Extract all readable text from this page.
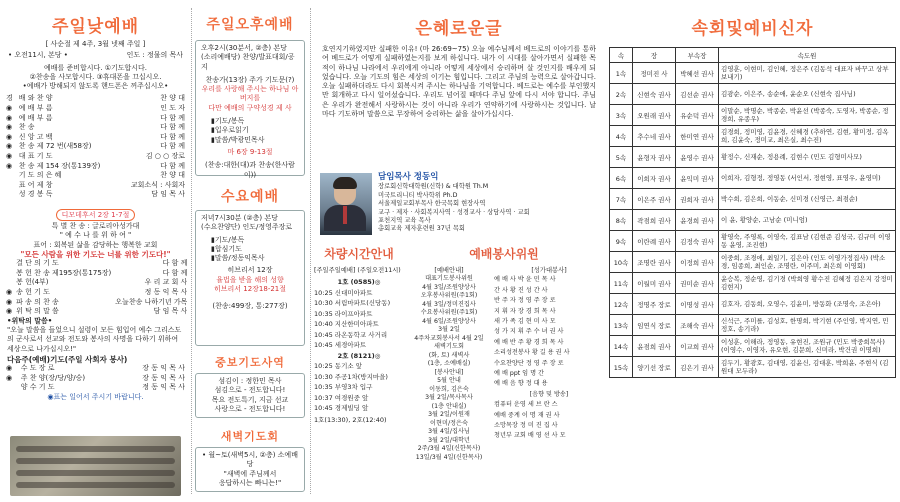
주일낮예배
[ 사순절 제 4주, 3월 넷째 주일 ]
• 오전11시, 본당 •	인도 : 정물의 목사
예배를 준비합시다. ①기도합시다.
②찬송을 사모합시다. ③휴대폰을 끄십시오.
•예배가 방해되지 않도록 핸드폰은 꺼주십시오•
경	배 와 찬 양	찬 양 대
◉	예 배 부 름	인 도 자
◉	예 배 부 름	다 함 께
◉	찬 송	다 함 께
◉	신 앙 고 백	다 함 께
◉	찬 송 제 72 번(새58장)	다 함 께
◉	대 표 기 도	김 ○ ○ 장로
◉	찬 송 제 154 장(통139장)	다 함 께
	기 도 의 은 혜	찬 양 대
	표 어 제 창	교회소식 : 사회자
	성 경 봉 독	담 임 목 사
디모데후서 2장 1-7절
특 별 찬 송 : 글로리아성가대
" 예 수 나 를 위 하 여 "
표어 : 회복된 삶을 감당하는 행복한 교회
"모든 사람을 위한 기도는 너를 위한 기도다!"
	결 단 의 기 도	다 함 께
	봉 헌 찬 송 제195장(통175장)	다 함 께
	봉 헌(4부)	우 리 교 회 사
◉	송 헌 기 도	정 동 익 목 사
◉	파 송 의 찬 송	오늘찬송 나하기년 가목
◉	위 탁 의 말 씀	담 임 목 사
•위탁의 말씀•
"오늘 말씀을 들었으니 설령이 모든 힘입어 예수 그리스도의 군사로서 선교와 전도와 봉사의 사명을 다하기 위하여 세상으로 나가십시오!"
다음주(예배)기도(주일 사회자 봉사)
◉	수 도 장 로	장 동 익 목 사
◉	주 찬 양(장/당/양/승)	장 동 익 목 사
	양 수 기 도	정 동 익 목 사
◉표는 일어서 주시기 바랍니다.
주일오후예배
오후2시(30분서, ②층) 본당
(소리예배당) 찬양/발표대회/공지
찬송가(13장) 주가 기도문(?)
우리를 사랑해 주시는 하나님 아버지를
다만 예배의 구약성경 제 사
▮기도/봉독
▮입우로읽기
▮말씀/박광민목사
마 6장 9-13절
(찬송:대한(대)과 찬송(한사람이))
수요예배
저녁7시30분 (②층) 본당
(수요찬양단) 인도/정영주장로
▮기도/봉독
▮합심기도
▮말씀/정동익목사
히브리서 12장
율법을 받을 해의 성향
히브리서 12장18-21절
(찬송:499장, 통:277장)
중보기도사역
섬김이 : 정한민 목사
섬김으로 - 전도합니다!
목요 전도특기, 지금 선교
사랑으로 - 전도합니다!
새벽기도회
• 월~토(새벽5시, ②층) 소예배당
"새벽에 주님께서
응답하시는 빠니는!"
은혜로운글
호연지기하였지만 실패한 이유! (마 26:69~75) 오늘 예수님께서 베드로의 이야기를 통하여 베드로가 어떻게 실패하였는지를 보게 하십니다. 내가 이 시대를 살아가면서 실패한 목적이 하나님 나라에서 우리에게 아니라 어떻게 세상에서 승리하며 살 것인지를 배우게 되었습니다. 오늘 기도의 힘은 세상의 이기는 힘입니다. 그리고 주님의 능력으로 살아갑니다. 오늘 실패하더라도 다시 회복시켜 주시는 하나님을 기억합니다. 베드로는 예수를 부인했지만 회개하고 다시 일어섰습니다. 우리도 넘어질 때마다 주님 앞에 다시 서야 합니다. 주님은 우리가 완전해서 사랑하시는 것이 아니라 우리가 연약하기에 사랑하시는 것입니다. 날마다 기도하며 말씀으로 무장하여 승리하는 삶을 살아가십시다.
담임목사 정동익
장로회신학대학원(신학) & 대학원 Th.M
미국트리니티 박사학위 Ph.D
서울제일교회부목사 한국목회 현장사역
교구 · 제자 · 사회복지사역 · 성경교사 · 상담사역 · 교회
포천지역 교육 목사
총회교육 제자훈련원 37년 목회
차량시간안내
[주일주일예배] (주일오전11시)
1호 (0585)◎
10:25 신대미아파트
10:30 서림마파트(신당동)
10:35 라이프아파트
10:40 지산한미아파트
10:45 라온동학교 사거리
10:45 세경아파트
2호 (8121)◎
10:25 동기소 앞
10:30 주공1차(방지마을)
10:35 부영3차 입구
10:37 여경원중 앞
10:45 경제빌딩 앞
1호(13:30), 2호(12:40)
예배봉사위원
[예배안내]
대표기도봉사위원
4월 3일/조원양상사
오후봉사위원(주1회)
4월 3일/정미진집사
수요봉사위원(주1회)
4월 6일/조원양상사
3월 2일
4주차교회봉사서 4월 2일
새벽기도회
(화, 토) 새벽사
(1층, 소예배실)
[봉사안내]
5월 안내
이동희, 김은숙
3월 2일/목사목사
(1층 안내실)
3월 2일/이원재
이현미/정은숙
3월 4일/집사님
3월 2일/대학년
2주/3월 4일(신한목사)
13일/3월 4일(신한목사)
[성가대봉사]
예 배 사 박 윤 민 목 사
간 사 황 진 성 간 사
반 주 자 정 영 주 장 로
지 휘 자 장 경 희 목 사
새 가 족 김 현 미 사 모
성 가 지 휘 주 수 녀 권 사
예 배 반 주 황 경 희 목 사
소리성전봉사 황 길 용 권 사
수요찬양단 정 영 주 장 로
예 배 ppt 임 명 간
예 배 음 향 정 대 용
[음향 및 방송]
컴퓨터 운영 세 브 란 스
예배 중계 이 명 재 권 사
소망목장 정 미 진 집 사
청년부 교회 배 영 선 사 모
속회및예비신자
속	장	부속장	속도원
1속	정미진 사	박혜선 권사	김영훈, 이현미, 김인혜, 정은주 (김동석 대표자 바꾸고 상부 보내기)
2속	신현숙 권사	김선순 권사	김광순, 이은주, 송순애, 윤순오 (신현숙 집사님)
3속	오원래 권사	유순덕 권사	이말순, 박명순, 박종순, 박윤선 (박종숙, 도영자, 박종순, 정경희, 유종우)
4속	추수네 권사	한미연 권사	김경희, 정미영, 김윤경, 신혜경 (추하연, 김현, 황미정, 김옥희, 김윤숙, 정미교, 최은실, 최수진)
5속	윤형자 권사	윤영수 권사	황정수, 신재순, 정용례, 김현수 (민도 김형미사모)
6속	이희자 권사	윤익미 권사	이희자, 김형정, 정영동 (서인서, 정현영, 표영우, 윤영미)
7속	이은주 권사	권희자 권사	박수희, 김은희, 이동순, 신미경 (신영근, 최점순)
8속	곽점희 권사	윤경희 권사	이 윤, 황양순, 고남순 (미니엄)
9속	이란례 권사	김정숙 권사	황영숙, 주영록, 이영숙, 김표남 (김현준 김성국, 김규미 이영동 윤영, 조진현)
10속	조명란 권사	이정희 권사	이중희, 조경애, 최일기, 김은아 (인도 이영가정집사) (박소경, 임종희, 최인순, 조명란, 이주미, 최은희 이영회)
11속	이월미 권사	권미순 권사	윤승복, 정순영, 김기경 (박희영 황수진 김혜정 김은지 강정미 김현지)
12속	정명주 장로	이명성 권사	김호자, 김동희, 오영수, 김윤미, 방동화 (조명숙, 조은아)
13속	임연식 장로	조해숙 권사	신석근, 주미를, 김성호, 한명희, 박기현 (주인영, 박지연, 민정호, 송기라)
14속	윤점희 권사	이교희 권사	이성훈, 이해라, 정영동, 유현진, 조원규 (민도 박중희목사) (이영수, 이영자, 유오현, 김문희, 신미라, 박건권 이명희)
15속	양기선 장로	김은기 권사	김두기, 황광호, 김대영, 김윤신, 김대훈, 박희윤, 주현식 (김원대 모두라)
